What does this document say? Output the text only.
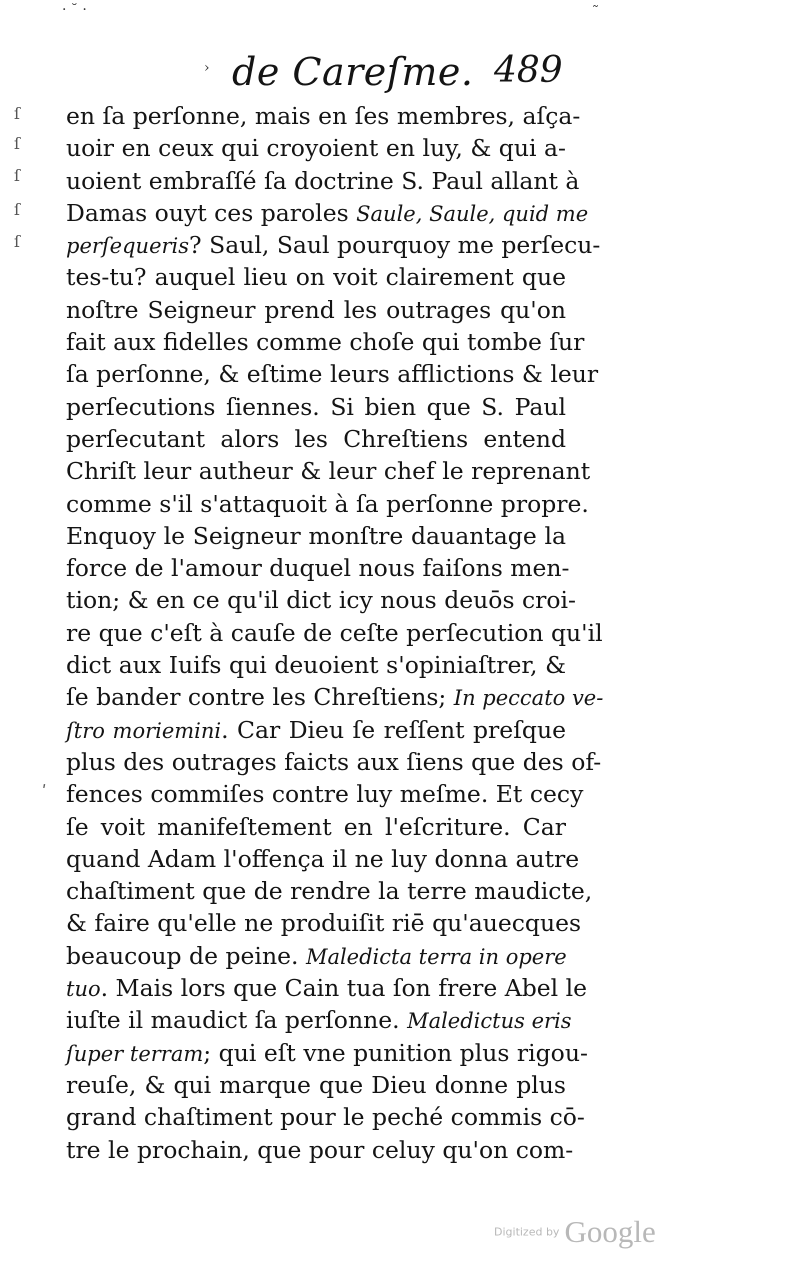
· ˘ ·	˜
›
ſ
ſ
ſ
ſ
ſ
ʹ
de Careſme. 489
en ſa perſonne, mais en ſes membres, aſça-
uoir en ceux qui croyoient en luy, & qui a-
uoient embraſſé ſa doctrine S. Paul allant à
Damas ouyt ces paroles Saule, Saule, quid me
perſequeris? Saul, Saul pourquoy me perſecu-
tes-tu? auquel lieu on voit clairement que
noſtre Seigneur prend les outrages qu'on
fait aux fidelles comme choſe qui tombe ſur
ſa perſonne, & eſtime leurs afflictions & leur
perſecutions ſiennes. Si bien que S. Paul
perſecutant alors les Chreſtiens entend
Chriſt leur autheur & leur chef le reprenant
comme s'il s'attaquoit à ſa perſonne propre.
Enquoy le Seigneur monſtre dauantage la
force de l'amour duquel nous faiſons men-
tion; & en ce qu'il dict icy nous deuōs croi-
re que c'eſt à cauſe de ceſte perſecution qu'il
dict aux Iuifs qui deuoient s'opiniaſtrer, &
ſe bander contre les Chreſtiens; In peccato ve-
ſtro moriemini. Car Dieu ſe reſſent preſque
plus des outrages faicts aux ſiens que des of-
fences commiſes contre luy meſme. Et cecy
ſe voit manifeſtement en l'eſcriture. Car
quand Adam l'offença il ne luy donna autre
chaſtiment que de rendre la terre maudicte,
& faire qu'elle ne produiſit riē qu'auecques
beaucoup de peine. Maledicta terra in opere
tuo. Mais lors que Cain tua ſon frere Abel le
iuſte il maudict ſa perſonne. Maledictus eris
ſuper terram; qui eſt vne punition plus rigou-
reuſe, & qui marque que Dieu donne plus
grand chaſtiment pour le peché commis cō-
tre le prochain, que pour celuy qu'on com-
Digitized by Google
